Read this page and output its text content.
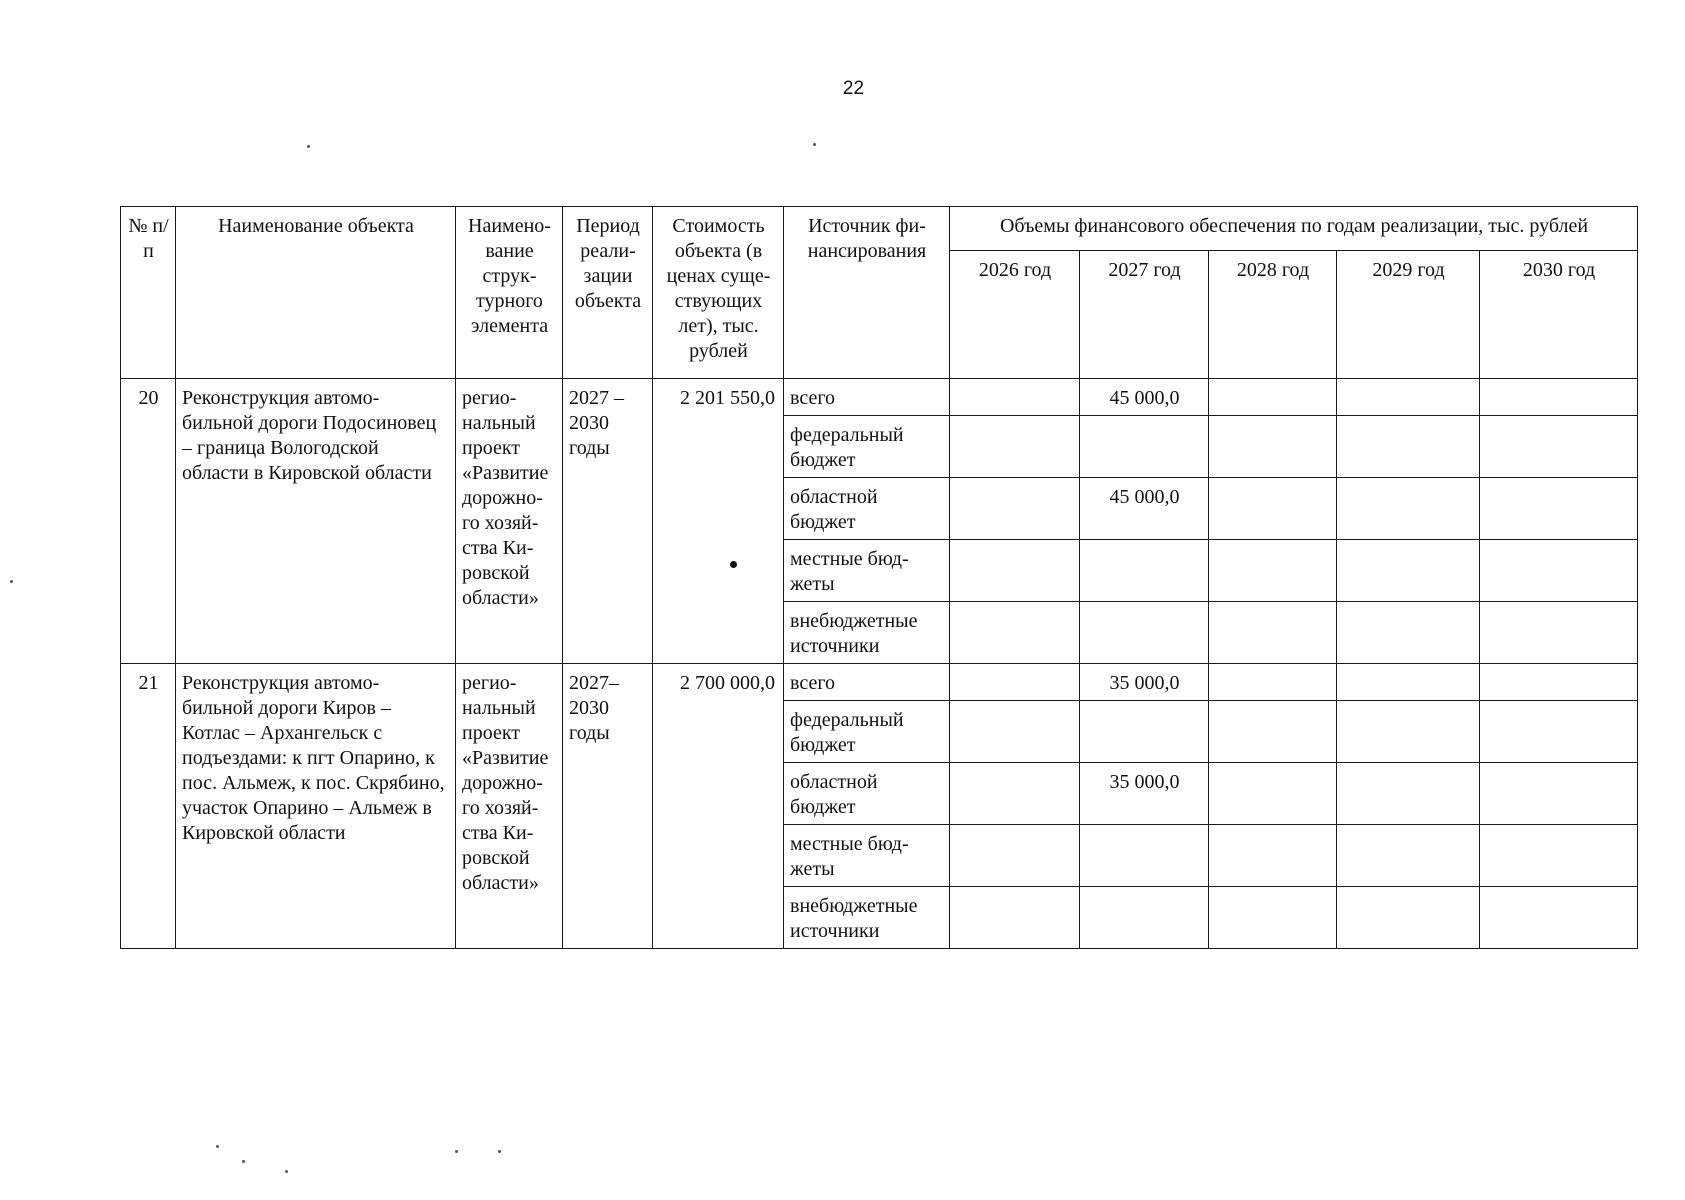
22
№ п/п	Наименование объекта	Наимено-вание струк-турного элемента	Период реали-зации объекта	Стоимость объекта (в ценах суще-ствующих лет), тыс. рублей	Источник фи-нансирования	Объемы финансового обеспечения по годам реализации, тыс. рублей				
						2026 год	2027 год	2028 год	2029 год	2030 год
20	Реконструкция автомо-бильной дороги Подосиновец – граница Вологодской области в Кировской области	регио-нальный проект «Развитие дорожно-го хозяй-ства Ки-ровской области»	2027 – 2030 годы	2 201 550,0	всего		45 000,0			
					федеральный бюджет					
					областной бюджет		45 000,0			
					местные бюд-жеты					
					внебюджетные источники					
21	Реконструкция автомо-бильной дороги Киров – Котлас – Архангельск с подъездами: к пгт Опарино, к пос. Альмеж, к пос. Скрябино, участок Опарино – Альмеж в Кировской области	регио-нальный проект «Развитие дорожно-го хозяй-ства Ки-ровской области»	2027– 2030 годы	2 700 000,0	всего		35 000,0			
					федеральный бюджет					
					областной бюджет		35 000,0			
					местные бюд-жеты					
					внебюджетные источники					
